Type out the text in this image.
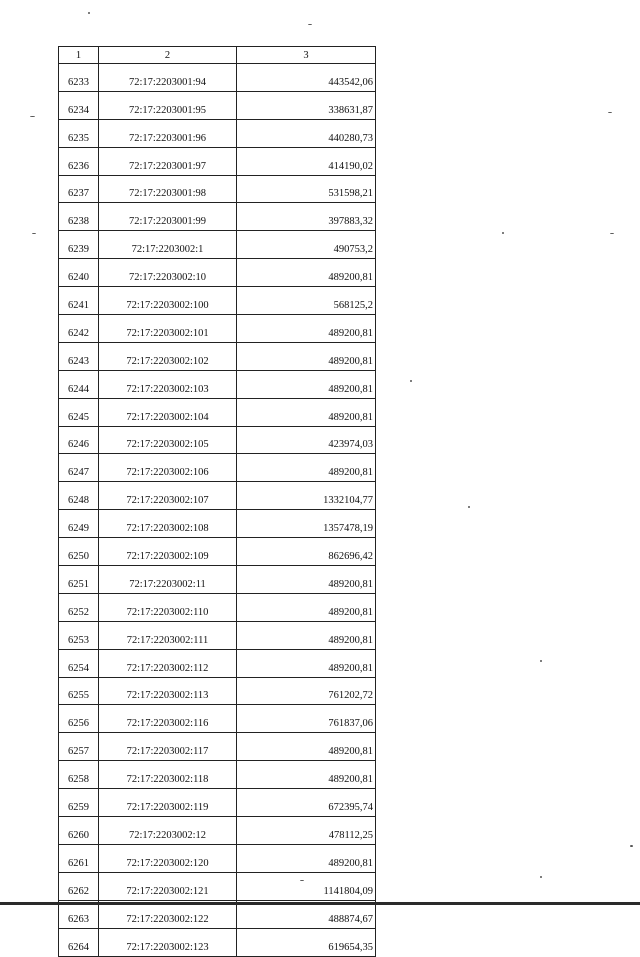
1	2	3
6233	72:17:2203001:94	443542,06
6234	72:17:2203001:95	338631,87
6235	72:17:2203001:96	440280,73
6236	72:17:2203001:97	414190,02
6237	72:17:2203001:98	531598,21
6238	72:17:2203001:99	397883,32
6239	72:17:2203002:1	490753,2
6240	72:17:2203002:10	489200,81
6241	72:17:2203002:100	568125,2
6242	72:17:2203002:101	489200,81
6243	72:17:2203002:102	489200,81
6244	72:17:2203002:103	489200,81
6245	72:17:2203002:104	489200,81
6246	72:17:2203002:105	423974,03
6247	72:17:2203002:106	489200,81
6248	72:17:2203002:107	1332104,77
6249	72:17:2203002:108	1357478,19
6250	72:17:2203002:109	862696,42
6251	72:17:2203002:11	489200,81
6252	72:17:2203002:110	489200,81
6253	72:17:2203002:111	489200,81
6254	72:17:2203002:112	489200,81
6255	72:17:2203002:113	761202,72
6256	72:17:2203002:116	761837,06
6257	72:17:2203002:117	489200,81
6258	72:17:2203002:118	489200,81
6259	72:17:2203002:119	672395,74
6260	72:17:2203002:12	478112,25
6261	72:17:2203002:120	489200,81
6262	72:17:2203002:121	1141804,09
6263	72:17:2203002:122	488874,67
6264	72:17:2203002:123	619654,35
